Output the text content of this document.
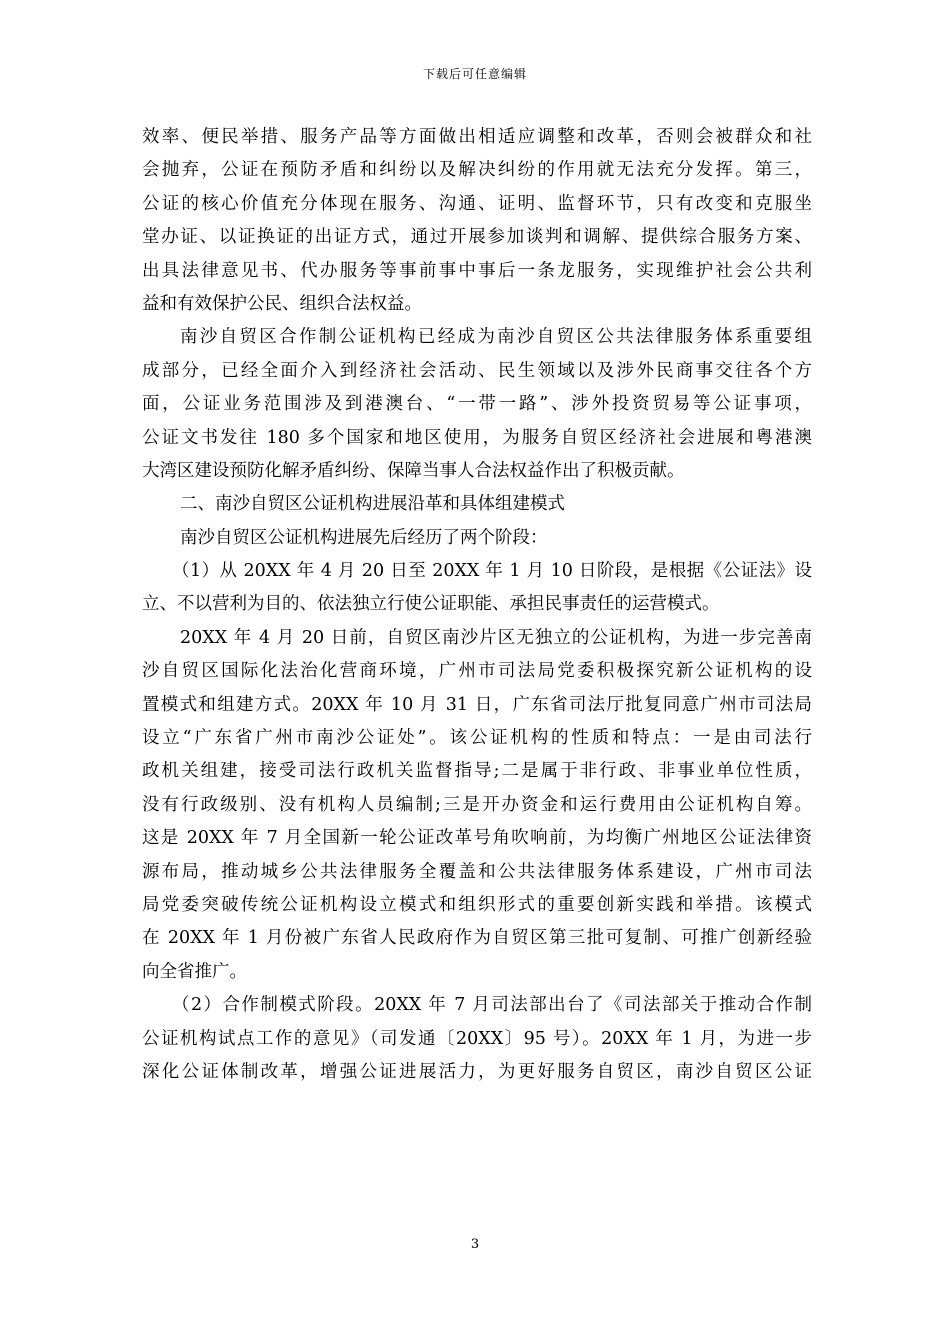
下载后可任意编辑
效率、便民举措、服务产品等方面做出相适应调整和改革，否则会被群众和社
会抛弃，公证在预防矛盾和纠纷以及解决纠纷的作用就无法充分发挥。第三，
公证的核心价值充分体现在服务、沟通、证明、监督环节，只有改变和克服坐
堂办证、以证换证的出证方式，通过开展参加谈判和调解、提供综合服务方案、
出具法律意见书、代办服务等事前事中事后一条龙服务，实现维护社会公共利
益和有效保护公民、组织合法权益。
南沙自贸区合作制公证机构已经成为南沙自贸区公共法律服务体系重要组
成部分，已经全面介入到经济社会活动、民生领域以及涉外民商事交往各个方
面，公证业务范围涉及到港澳台、“一带一路”、涉外投资贸易等公证事项，
公证文书发往 180 多个国家和地区使用，为服务自贸区经济社会进展和粤港澳
大湾区建设预防化解矛盾纠纷、保障当事人合法权益作出了积极贡献。
二、南沙自贸区公证机构进展沿革和具体组建模式
南沙自贸区公证机构进展先后经历了两个阶段：
（1）从 20XX 年 4 月 20 日至 20XX 年 1 月 10 日阶段，是根据《公证法》设
立、不以营利为目的、依法独立行使公证职能、承担民事责任的运营模式。
20XX 年 4 月 20 日前，自贸区南沙片区无独立的公证机构，为进一步完善南
沙自贸区国际化法治化营商环境，广州市司法局党委积极探究新公证机构的设
置模式和组建方式。20XX 年 10 月 31 日，广东省司法厅批复同意广州市司法局
设立“广东省广州市南沙公证处”。该公证机构的性质和特点：一是由司法行
政机关组建，接受司法行政机关监督指导;二是属于非行政、非事业单位性质，
没有行政级别、没有机构人员编制;三是开办资金和运行费用由公证机构自筹。
这是 20XX 年 7 月全国新一轮公证改革号角吹响前，为均衡广州地区公证法律资
源布局，推动城乡公共法律服务全覆盖和公共法律服务体系建设，广州市司法
局党委突破传统公证机构设立模式和组织形式的重要创新实践和举措。该模式
在 20XX 年 1 月份被广东省人民政府作为自贸区第三批可复制、可推广创新经验
向全省推广。
（2）合作制模式阶段。20XX 年 7 月司法部出台了《司法部关于推动合作制
公证机构试点工作的意见》（司发通〔20XX〕95 号）。20XX 年 1 月，为进一步
深化公证体制改革，增强公证进展活力，为更好服务自贸区，南沙自贸区公证
3
